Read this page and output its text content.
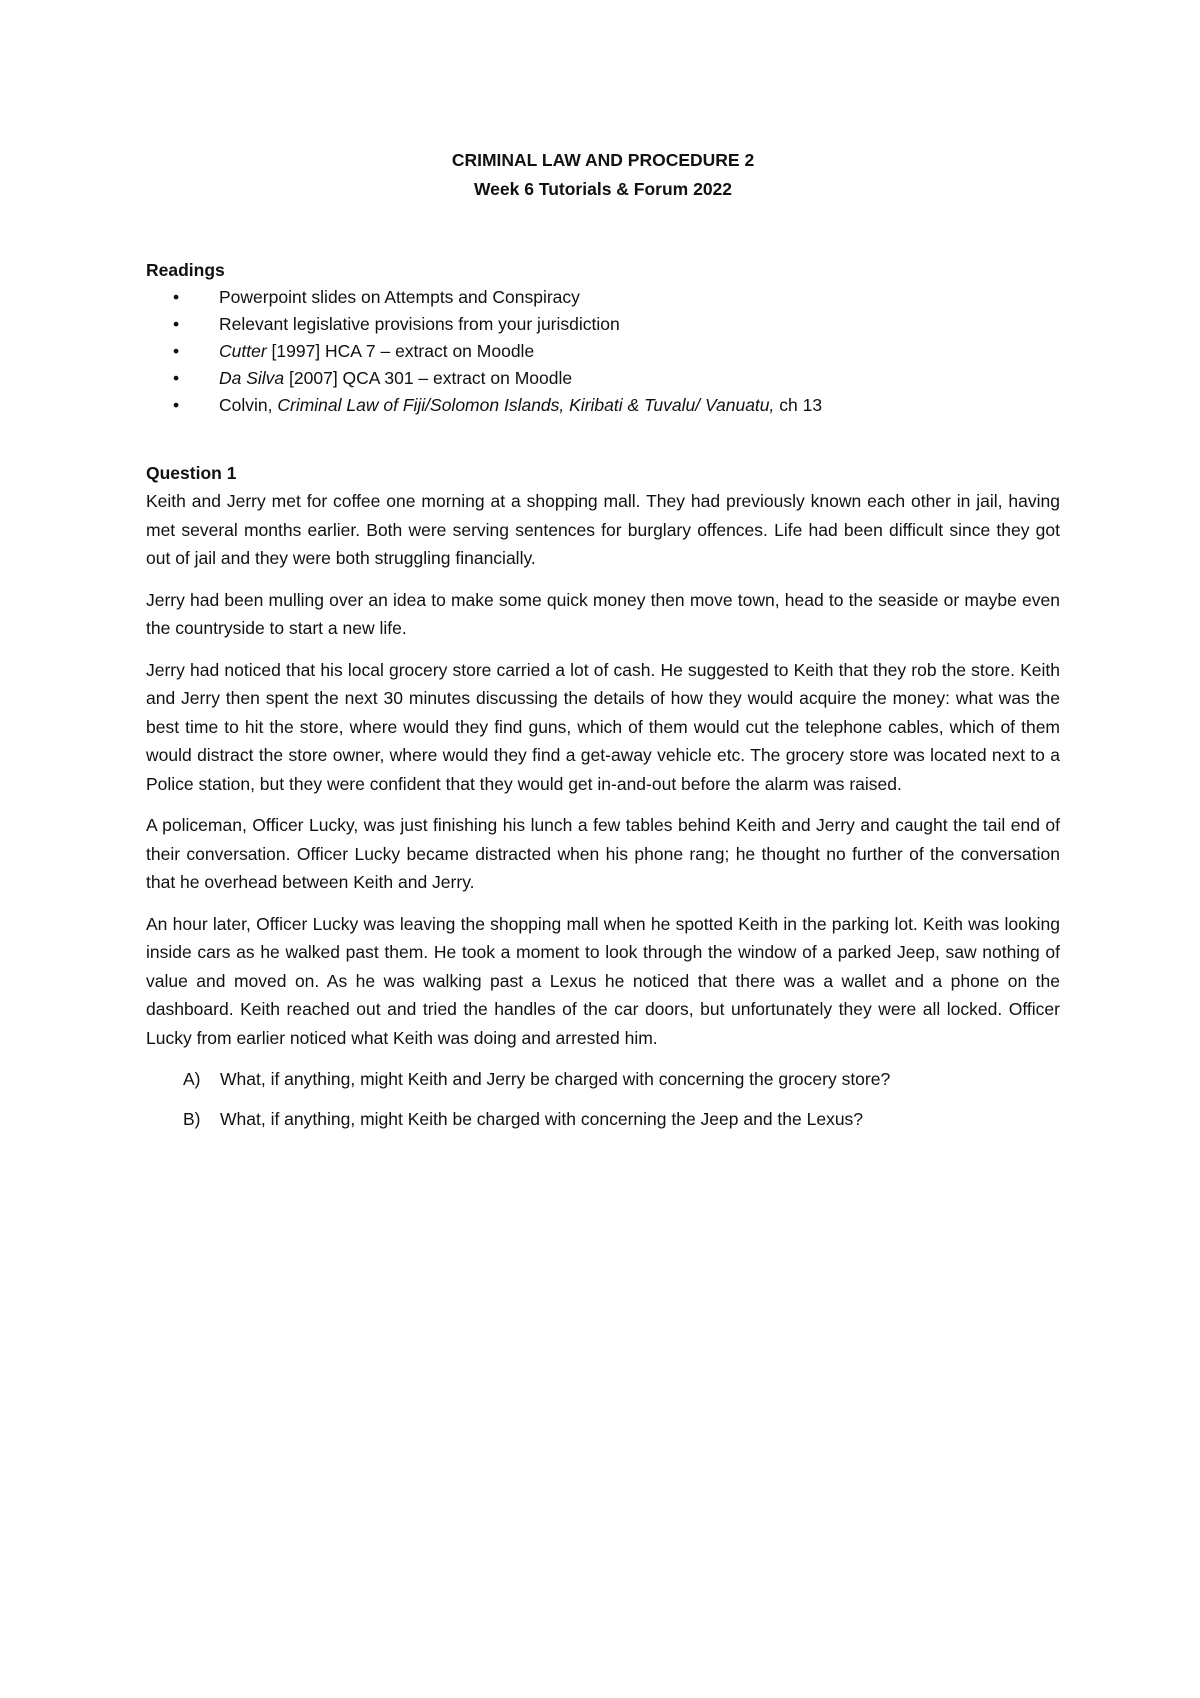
CRIMINAL LAW AND PROCEDURE 2

Week 6 Tutorials & Forum 2022

Readings

• Powerpoint slides on Attempts and Conspiracy
• Relevant legislative provisions from your jurisdiction
• Cutter [1997] HCA 7 – extract on Moodle
• Da Silva [2007] QCA 301 – extract on Moodle
• Colvin, Criminal Law of Fiji/Solomon Islands, Kiribati & Tuvalu/ Vanuatu, ch 13

Question 1

Keith and Jerry met for coffee one morning at a shopping mall. They had previously known each other in jail, having met several months earlier. Both were serving sentences for burglary offences. Life had been difficult since they got out of jail and they were both struggling financially.

Jerry had been mulling over an idea to make some quick money then move town, head to the seaside or maybe even the countryside to start a new life.

Jerry had noticed that his local grocery store carried a lot of cash. He suggested to Keith that they rob the store. Keith and Jerry then spent the next 30 minutes discussing the details of how they would acquire the money: what was the best time to hit the store, where would they find guns, which of them would cut the telephone cables, which of them would distract the store owner, where would they find a get-away vehicle etc. The grocery store was located next to a Police station, but they were confident that they would get in-and-out before the alarm was raised.

A policeman, Officer Lucky, was just finishing his lunch a few tables behind Keith and Jerry and caught the tail end of their conversation. Officer Lucky became distracted when his phone rang; he thought no further of the conversation that he overhead between Keith and Jerry.

An hour later, Officer Lucky was leaving the shopping mall when he spotted Keith in the parking lot. Keith was looking inside cars as he walked past them. He took a moment to look through the window of a parked Jeep, saw nothing of value and moved on. As he was walking past a Lexus he noticed that there was a wallet and a phone on the dashboard. Keith reached out and tried the handles of the car doors, but unfortunately they were all locked. Officer Lucky from earlier noticed what Keith was doing and arrested him.

A) What, if anything, might Keith and Jerry be charged with concerning the grocery store?
B) What, if anything, might Keith be charged with concerning the Jeep and the Lexus?
